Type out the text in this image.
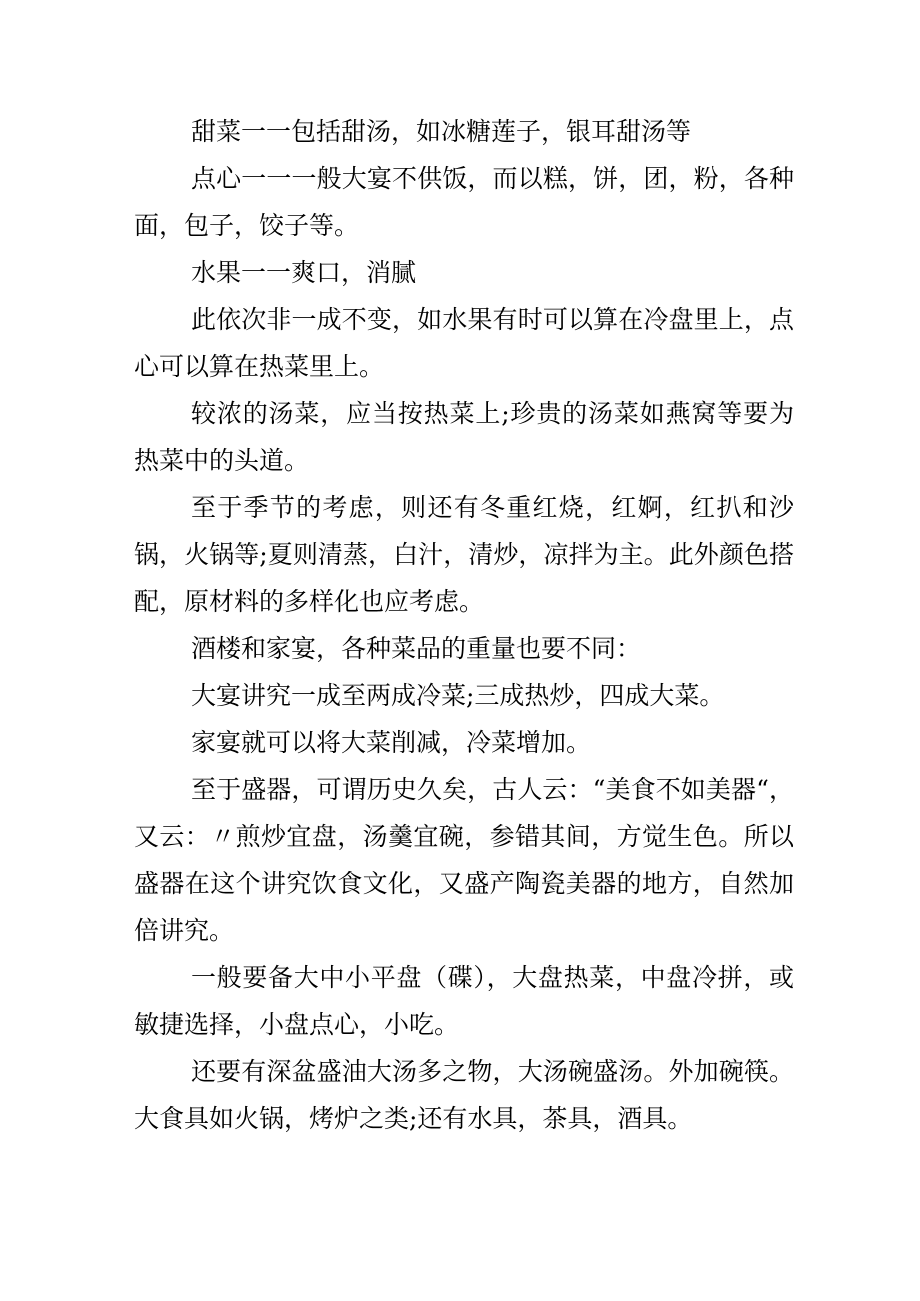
甜菜一一包括甜汤，如冰糖莲子，银耳甜汤等

点心一一一般大宴不供饭，而以糕，饼，团，粉，各种面，包子，饺子等。

水果一一爽口，消腻

此依次非一成不变，如水果有时可以算在冷盘里上，点心可以算在热菜里上。

较浓的汤菜，应当按热菜上;珍贵的汤菜如燕窝等要为热菜中的头道。

至于季节的考虑，则还有冬重红烧，红婀，红扒和沙锅，火锅等;夏则清蒸，白汁，清炒，凉拌为主。此外颜色搭配，原材料的多样化也应考虑。

酒楼和家宴，各种菜品的重量也要不同：

大宴讲究一成至两成冷菜;三成热炒，四成大菜。

家宴就可以将大菜削减，冷菜增加。

至于盛器，可谓历史久矣，古人云：“美食不如美器“，又云：〃煎炒宜盘，汤羹宜碗，参错其间，方觉生色。所以盛器在这个讲究饮食文化，又盛产陶瓷美器的地方，自然加倍讲究。

一般要备大中小平盘（碟），大盘热菜，中盘冷拼，或敏捷选择，小盘点心，小吃。

还要有深盆盛油大汤多之物，大汤碗盛汤。外加碗筷。大食具如火锅，烤炉之类;还有水具，茶具，酒具。
